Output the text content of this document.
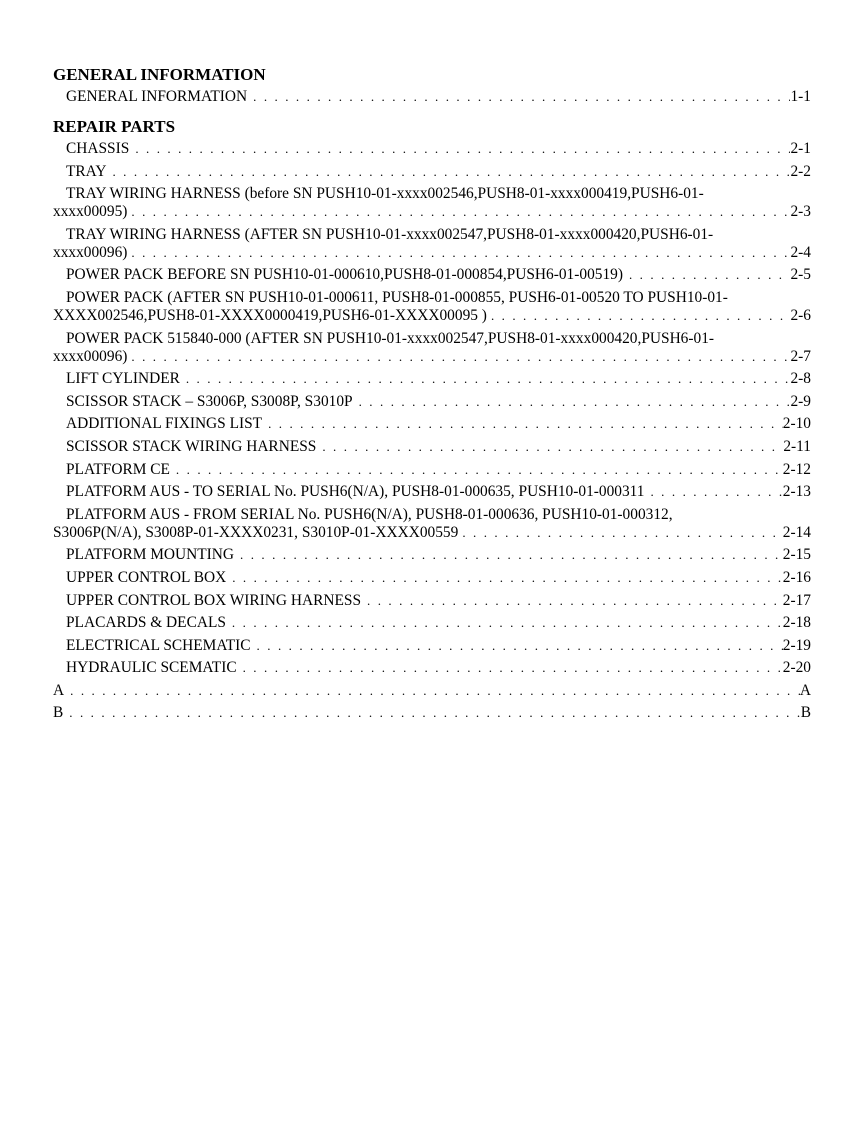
GENERAL INFORMATION
GENERAL INFORMATION . . .	1-1
REPAIR PARTS
CHASSIS . . .	2-1
TRAY . . .	2-2
TRAY WIRING HARNESS (before SN PUSH10-01-xxxx002546,PUSH8-01-xxxx000419,PUSH6-01-
xxxx00095) . . .	2-3
TRAY WIRING HARNESS (AFTER SN PUSH10-01-xxxx002547,PUSH8-01-xxxx000420,PUSH6-01-
xxxx00096) . . .	2-4
POWER PACK BEFORE SN PUSH10-01-000610,PUSH8-01-000854,PUSH6-01-00519) . . .	2-5
POWER PACK (AFTER SN PUSH10-01-000611, PUSH8-01-000855, PUSH6-01-00520 TO PUSH10-01-
XXXX002546,PUSH8-01-XXXX0000419,PUSH6-01-XXXX00095 ) . . .	2-6
POWER PACK 515840-000 (AFTER SN PUSH10-01-xxxx002547,PUSH8-01-xxxx000420,PUSH6-01-
xxxx00096) . . .	2-7
LIFT CYLINDER . . .	2-8
SCISSOR STACK – S3006P, S3008P, S3010P . . .	2-9
ADDITIONAL FIXINGS LIST . . .	2-10
SCISSOR STACK WIRING HARNESS . . .	2-11
PLATFORM CE . . .	2-12
PLATFORM AUS - TO SERIAL No. PUSH6(N/A), PUSH8-01-000635, PUSH10-01-000311 . . .	2-13
PLATFORM AUS - FROM SERIAL No. PUSH6(N/A), PUSH8-01-000636, PUSH10-01-000312,
S3006P(N/A), S3008P-01-XXXX0231, S3010P-01-XXXX00559 . . .	2-14
PLATFORM MOUNTING . . .	2-15
UPPER CONTROL BOX . . .	2-16
UPPER CONTROL BOX WIRING HARNESS . . .	2-17
PLACARDS & DECALS . . .	2-18
ELECTRICAL SCHEMATIC . . .	2-19
HYDRAULIC SCEMATIC . . .	2-20
A . . .	A
B . . .	B
